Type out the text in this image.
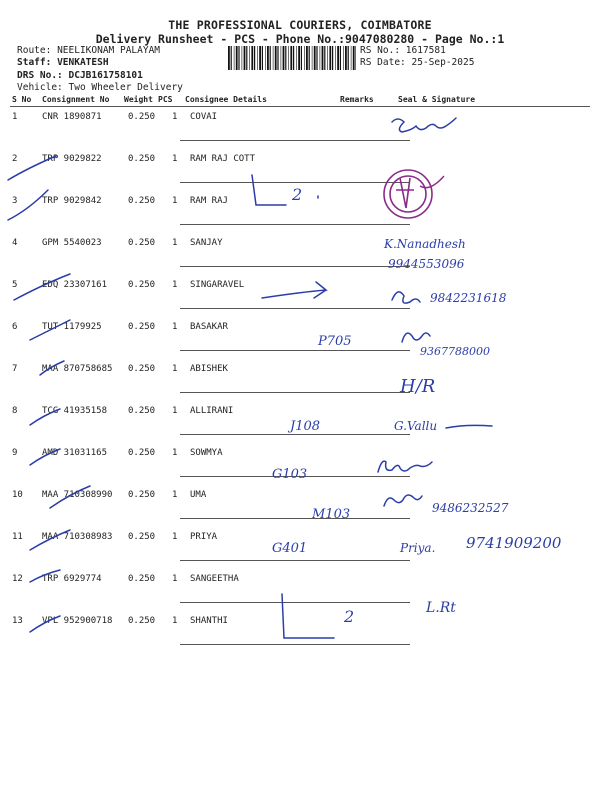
THE PROFESSIONAL COURIERS, COIMBATORE
Delivery Runsheet - PCS - Phone No.:9047080280 - Page No.:1
Route: NEELIKONAM PALAYAM
Staff: VENKATESH
DRS No.: DCJB161758101
Vehicle: Two Wheeler Delivery
RS No.: 1617581
RS Date: 25-Sep-2025
S No Consignment No Weight PCS Consignee Details	Remarks	Seal & Signature
1	CNR 1890871	0.250 1 COVAI
2	TRP 9029822	0.250 1 RAM RAJ COTT
3	TRP 9029842	0.250 1 RAM RAJ
4	GPM 5540023	0.250 1 SANJAY
5	EDQ 23307161 0.250 1 SINGARAVEL
6	TUT 1179925	0.250 1 BASAKAR
7	MAA 870758685 0.250 1 ABISHEK
8	TCG 41935158 0.250 1 ALLIRANI
9	AMD 31031165 0.250 1 SOWMYA
10 MAA 710308990 0.250 1 UMA
11 MAA 710308983 0.250 1 PRIYA
12 TRP 6929774	0.250 1 SANGEETHA
13 VPL 952900718 0.250 1 SHANTHI
2
K.Nanadhesh
9944553096
9842231618
P705
9367788000
H/R
J108	G.Vallu
G103
M103	9486232527
G401	Priya. 9741909200
2	L.Rt
